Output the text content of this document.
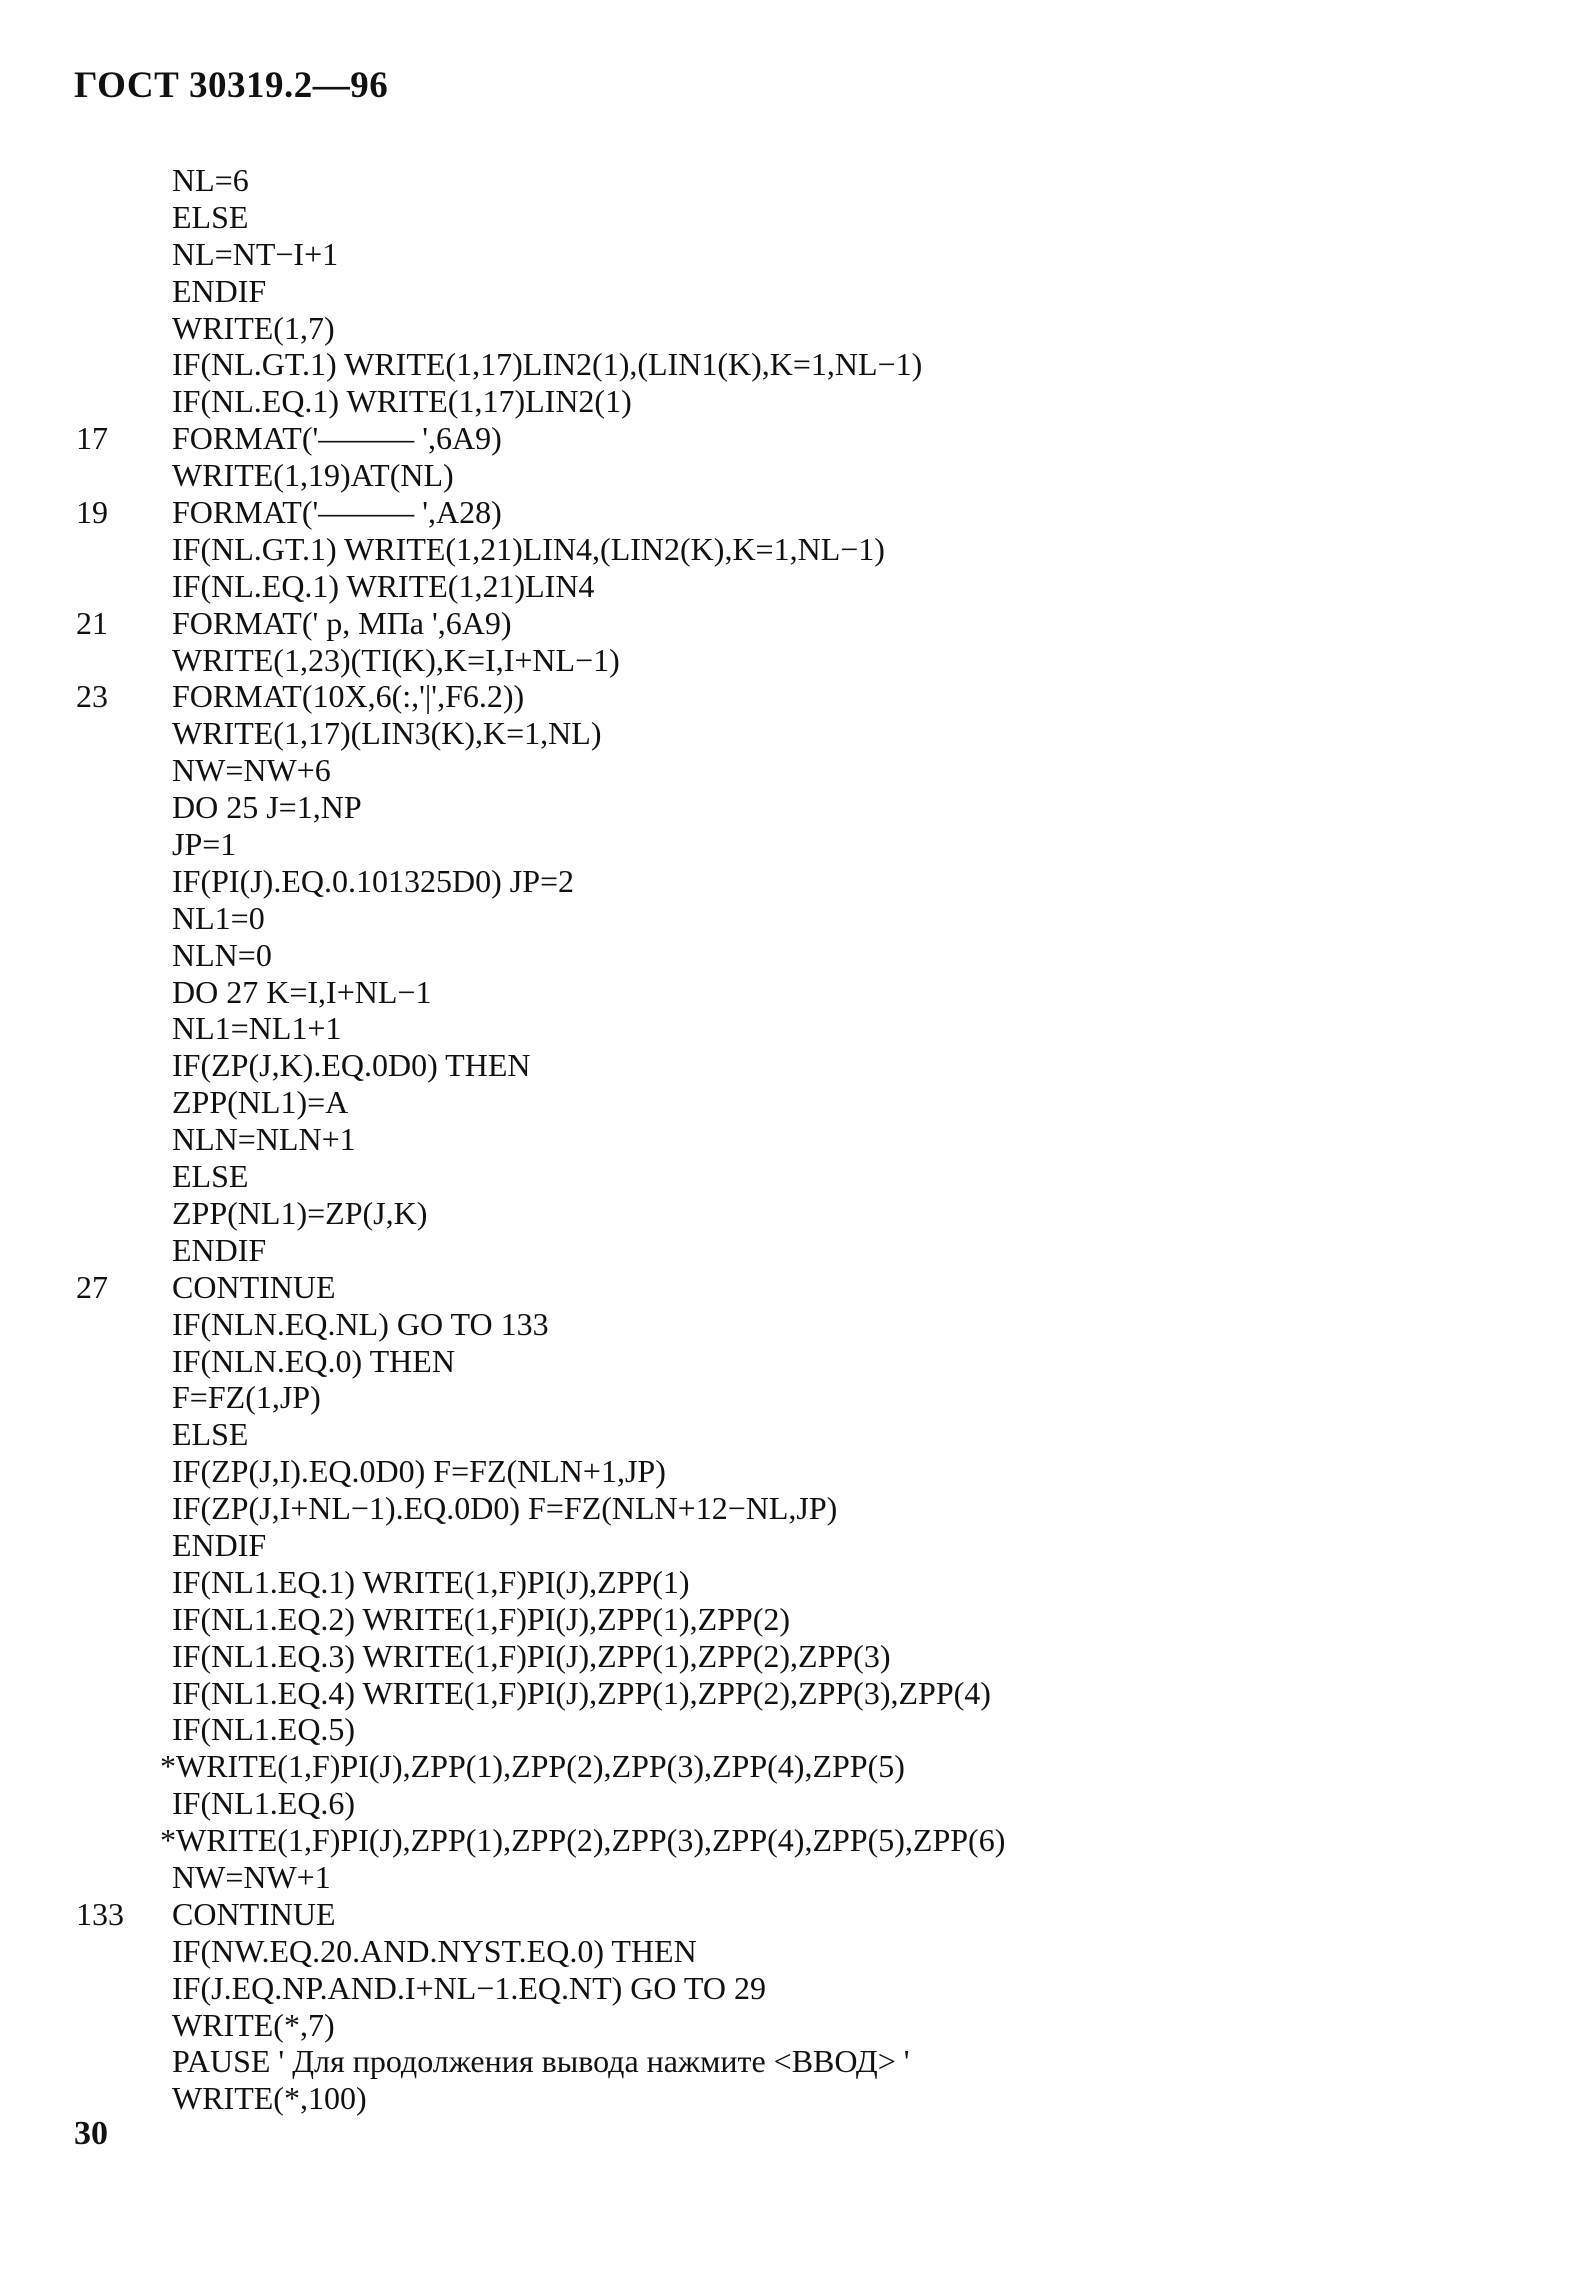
ГОСТ 30319.2—96
NL=6
ELSE
NL=NT−I+1
ENDIF
WRITE(1,7)
IF(NL.GT.1) WRITE(1,17)LIN2(1),(LIN1(K),K=1,NL−1)
IF(NL.EQ.1) WRITE(1,17)LIN2(1)
17 FORMAT('——— ',6A9)
WRITE(1,19)AT(NL)
19 FORMAT('——— ',A28)
IF(NL.GT.1) WRITE(1,21)LIN4,(LIN2(K),K=1,NL−1)
IF(NL.EQ.1) WRITE(1,21)LIN4
21 FORMAT(' p, МПа ',6A9)
WRITE(1,23)(TI(K),K=I,I+NL−1)
23 FORMAT(10X,6(:,'|',F6.2))
WRITE(1,17)(LIN3(K),K=1,NL)
NW=NW+6
DO 25 J=1,NP
JP=1
IF(PI(J).EQ.0.101325D0) JP=2
NL1=0
NLN=0
DO 27 K=I,I+NL−1
NL1=NL1+1
IF(ZP(J,K).EQ.0D0) THEN
ZPP(NL1)=A
NLN=NLN+1
ELSE
ZPP(NL1)=ZP(J,K)
ENDIF
27 CONTINUE
IF(NLN.EQ.NL) GO TO 133
IF(NLN.EQ.0) THEN
F=FZ(1,JP)
ELSE
IF(ZP(J,I).EQ.0D0) F=FZ(NLN+1,JP)
IF(ZP(J,I+NL−1).EQ.0D0) F=FZ(NLN+12−NL,JP)
ENDIF
IF(NL1.EQ.1) WRITE(1,F)PI(J),ZPP(1)
IF(NL1.EQ.2) WRITE(1,F)PI(J),ZPP(1),ZPP(2)
IF(NL1.EQ.3) WRITE(1,F)PI(J),ZPP(1),ZPP(2),ZPP(3)
IF(NL1.EQ.4) WRITE(1,F)PI(J),ZPP(1),ZPP(2),ZPP(3),ZPP(4)
IF(NL1.EQ.5)
*WRITE(1,F)PI(J),ZPP(1),ZPP(2),ZPP(3),ZPP(4),ZPP(5)
IF(NL1.EQ.6)
*WRITE(1,F)PI(J),ZPP(1),ZPP(2),ZPP(3),ZPP(4),ZPP(5),ZPP(6)
NW=NW+1
133 CONTINUE
IF(NW.EQ.20.AND.NYST.EQ.0) THEN
IF(J.EQ.NP.AND.I+NL−1.EQ.NT) GO TO 29
WRITE(*,7)
PAUSE ' Для продолжения вывода нажмите <ВВОД> '
WRITE(*,100)
30
